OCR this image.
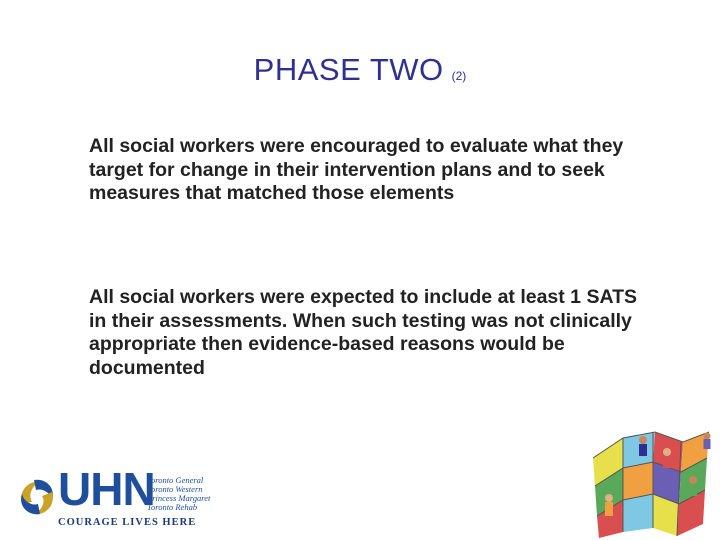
PHASE TWO (2)
All social workers were encouraged to evaluate what they target for change in their intervention plans and to seek measures that matched those elements
All social workers were expected to include at least 1 SATS in their assessments. When such testing was not clinically appropriate then evidence-based reasons would be documented
UHN
Toronto General
Toronto Western
Princess Margaret
Toronto Rehab
COURAGE LIVES HERE
